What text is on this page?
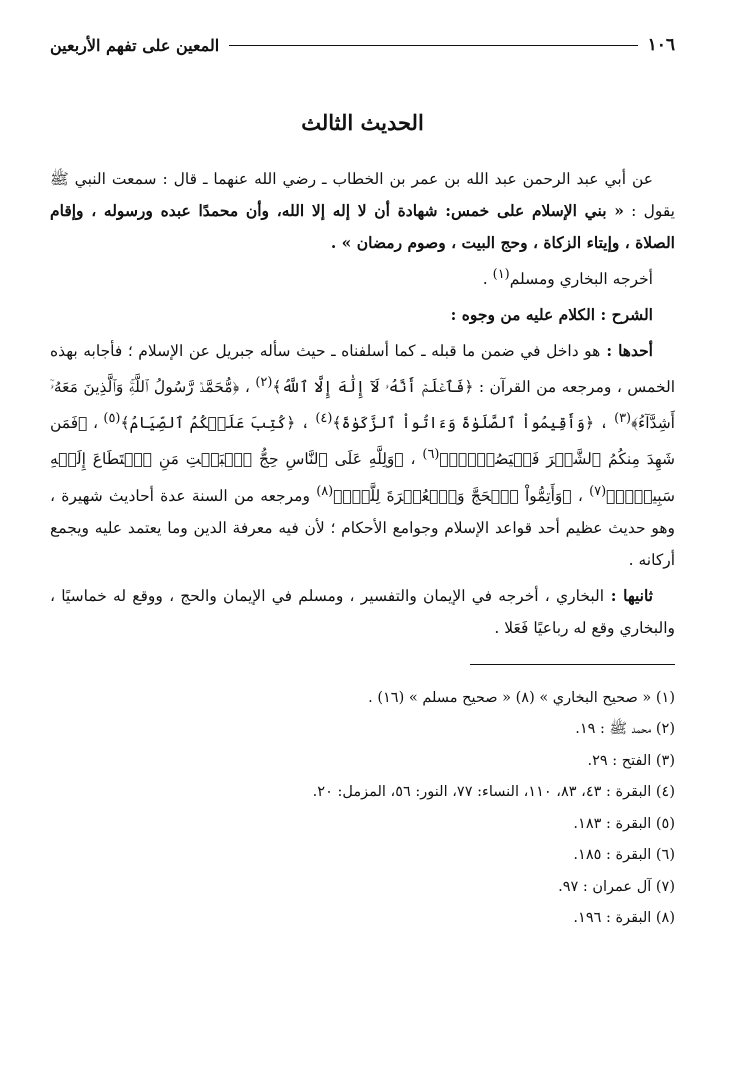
١٠٦
المعين على تفهم الأربعين
الحديث الثالث

عن أبي عبد الرحمن عبد الله بن عمر بن الخطاب ـ رضي الله عنهما ـ قال : سمعت النبي ﷺ يقول : « بني الإسلام على خمس: شهادة أن لا إله إلا الله، وأن محمدًا عبده ورسوله ، وإقام الصلاة ، وإيتاء الزكاة ، وحج البيت ، وصوم رمضان » .

أخرجه البخاري ومسلم$^{(١)}$ .

الشرح : الكلام عليه من وجوه :

أحدها : هو داخل في ضمن ما قبله ـ كما أسلفناه ـ حيث سأله جبريل عن الإسلام ؛ فأجابه بهذه الخمس ، ومرجعه من القرآن : ﴿فَٱعۡلَمۡ أَنَّهُۥ لَآ إِلَٰهَ إِلَّا ٱللَّهُ﴾$^{(٢)}$ ، ﴿مُّحَمَّدٞ رَّسُولُ ٱللَّهِۚ وَٱلَّذِينَ مَعَهُۥٓ أَشِدَّآءُ﴾$^{(٣)}$ ، ﴿وَأَقِيمُواْ ٱلصَّلَوٰةَ وَءَاتُواْ ٱلزَّكَوٰةَ﴾$^{(٤)}$ ، ﴿كُتِبَ عَلَيۡكُمُ ٱلصِّيَامُ﴾$^{(٥)}$ ، ﴿فَمَن شَهِدَ مِنكُمُ ٱلشَّهۡرَ فَلۡيَصُمۡهُۖ﴾$^{(٦)}$ ، ﴿وَلِلَّهِ عَلَى ٱلنَّاسِ حِجُّ ٱلۡبَيۡتِ مَنِ ٱسۡتَطَاعَ إِلَيۡهِ سَبِيلٗاۚ﴾$^{(٧)}$ ، ﴿وَأَتِمُّواْ ٱلۡحَجَّ وَٱلۡعُمۡرَةَ لِلَّهِۚ﴾$^{(٨)}$ ومرجعه من السنة عدة أحاديث شهيرة ، وهو حديث عظيم أحد قواعد الإسلام وجوامع الأحكام ؛ لأن فيه معرفة الدين وما يعتمد عليه ويجمع أركانه .

ثانيها : البخاري ، أخرجه في الإيمان والتفسير ، ومسلم في الإيمان والحج ، ووقع له خماسيًا ، والبخاري وقع له رباعيًا فَعَلا .

(١) « صحيح البخاري » (٨) « صحيح مسلم » (١٦) .

(٢) محمد ﷺ : ١٩.

(٣) الفتح : ٢٩.

(٤) البقرة : ٤٣، ٨٣، ١١٠، النساء: ٧٧، النور: ٥٦، المزمل: ٢٠.

(٥) البقرة : ١٨٣.

(٦) البقرة : ١٨٥.

(٧) آل عمران : ٩٧.

(٨) البقرة : ١٩٦.
